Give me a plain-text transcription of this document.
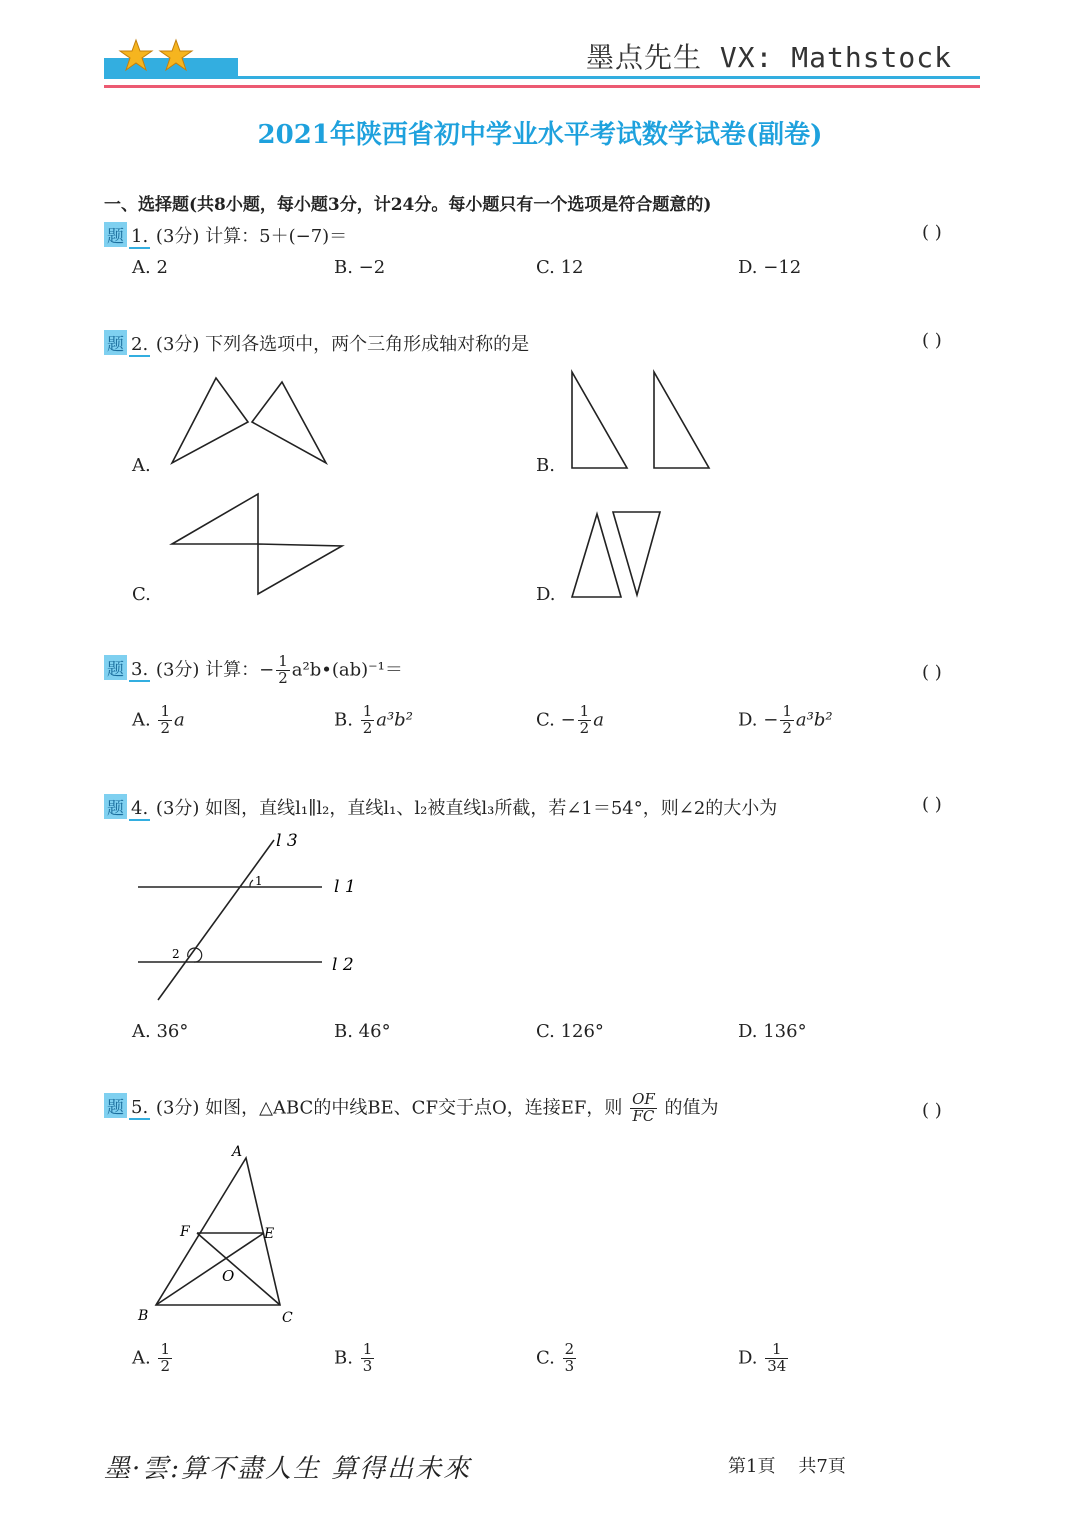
墨点先生 VX: Mathstock
2021年陕西省初中学业水平考试数学试卷(副卷)
一、选择题(共8小题，每小题3分，计24分。每小题只有一个选项是符合题意的)
题 1. (3分) 计算：5＋(−7)＝	( )
A. 2	B. −2	C. 12	D. −12
题 2. (3分) 下列各选项中，两个三角形成轴对称的是	( )
A.	B.
C.	D.
题 3. (3分) 计算：− $\frac{1}{2}$ a²b•(ab)⁻¹＝	( )
A. $\frac{1}{2}$ a	B. $\frac{1}{2} a^3b^2$	C. − $\frac{1}{2}$ a	D. − $\frac{1}{2} a^3b^2$
题 4. (3分) 如图，直线l₁∥l₂，直线l₁、l₂被直线l₃所截，若∠1＝54°，则∠2的大小为	( )
l 3
l 1
l 2
1
2
A. 36°	B. 46°	C. 126°	D. 136°
题 5. (3分) 如图，△ABC的中线BE、CF交于点O，连接EF，则 $\frac{OF}{FC}$ 的值为	( )
A
B	C
E
F
O
A. $\frac{1}{2}$	B. $\frac{1}{3}$	C. $\frac{2}{3}$	D. $\frac{1}{34}$
墨·雲:算不盡人生 算得出未來	第1頁 共7頁
